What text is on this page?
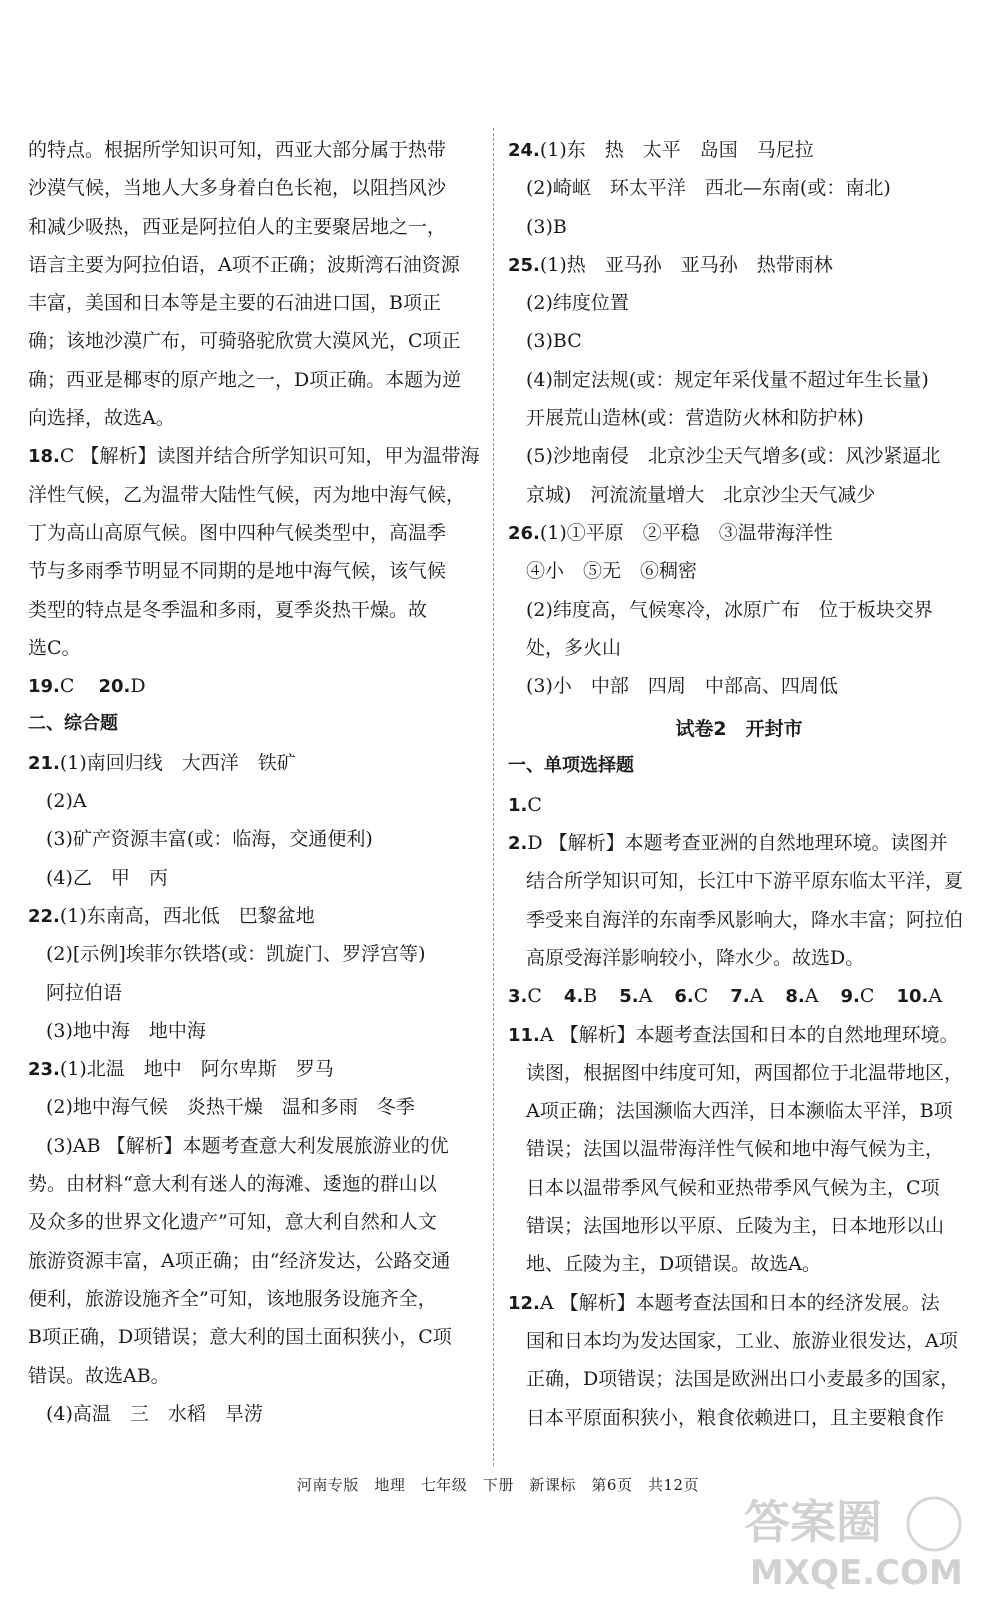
的特点。根据所学知识可知，西亚大部分属于热带
沙漠气候，当地人大多身着白色长袍，以阻挡风沙
和减少吸热，西亚是阿拉伯人的主要聚居地之一，
语言主要为阿拉伯语，A项不正确；波斯湾石油资源
丰富，美国和日本等是主要的石油进口国，B项正
确；该地沙漠广布，可骑骆驼欣赏大漠风光，C项正
确；西亚是椰枣的原产地之一，D项正确。本题为逆
向选择，故选A。
18.C 【解析】读图并结合所学知识可知，甲为温带海
洋性气候，乙为温带大陆性气候，丙为地中海气候，
丁为高山高原气候。图中四种气候类型中，高温季
节与多雨季节明显不同期的是地中海气候，该气候
类型的特点是冬季温和多雨，夏季炎热干燥。故
选C。
19.C 20.D
二、综合题
21.(1)南回归线　大西洋　铁矿
(2)A
(3)矿产资源丰富(或：临海，交通便利)
(4)乙　甲　丙
22.(1)东南高，西北低　巴黎盆地
(2)[示例]埃菲尔铁塔(或：凯旋门、罗浮宫等)
阿拉伯语
(3)地中海　地中海
23.(1)北温　地中　阿尔卑斯　罗马
(2)地中海气候　炎热干燥　温和多雨　冬季
(3)AB 【解析】本题考查意大利发展旅游业的优
势。由材料“意大利有迷人的海滩、逶迤的群山以
及众多的世界文化遗产”可知，意大利自然和人文
旅游资源丰富，A项正确；由“经济发达，公路交通
便利，旅游设施齐全”可知，该地服务设施齐全，
B项正确，D项错误；意大利的国土面积狭小，C项
错误。故选AB。
(4)高温　三　水稻　旱涝
24.(1)东　热　太平　岛国　马尼拉
(2)崎岖　环太平洋　西北—东南(或：南北)
(3)B
25.(1)热　亚马孙　亚马孙　热带雨林
(2)纬度位置
(3)BC
(4)制定法规(或：规定年采伐量不超过年生长量)
开展荒山造林(或：营造防火林和防护林)
(5)沙地南侵　北京沙尘天气增多(或：风沙紧逼北
京城)　河流流量增大　北京沙尘天气减少
26.(1)①平原　②平稳　③温带海洋性
④小　⑤无　⑥稠密
(2)纬度高，气候寒冷，冰原广布　位于板块交界
处，多火山
(3)小　中部　四周　中部高、四周低
试卷2　开封市
一、单项选择题
1.C
2.D 【解析】本题考查亚洲的自然地理环境。读图并
结合所学知识可知，长江中下游平原东临太平洋，夏
季受来自海洋的东南季风影响大，降水丰富；阿拉伯
高原受海洋影响较小，降水少。故选D。
3.C 4.B 5.A 6.C 7.A 8.A 9.C 10.A
11.A 【解析】本题考查法国和日本的自然地理环境。
读图，根据图中纬度可知，两国都位于北温带地区，
A项正确；法国濒临大西洋，日本濒临太平洋，B项
错误；法国以温带海洋性气候和地中海气候为主，
日本以温带季风气候和亚热带季风气候为主，C项
错误；法国地形以平原、丘陵为主，日本地形以山
地、丘陵为主，D项错误。故选A。
12.A 【解析】本题考查法国和日本的经济发展。法
国和日本均为发达国家，工业、旅游业很发达，A项
正确，D项错误；法国是欧洲出口小麦最多的国家，
日本平原面积狭小，粮食依赖进口，且主要粮食作
河南专版　地理　七年级　下册　新课标　第6页　共12页
答案圈
MXQE.COM
